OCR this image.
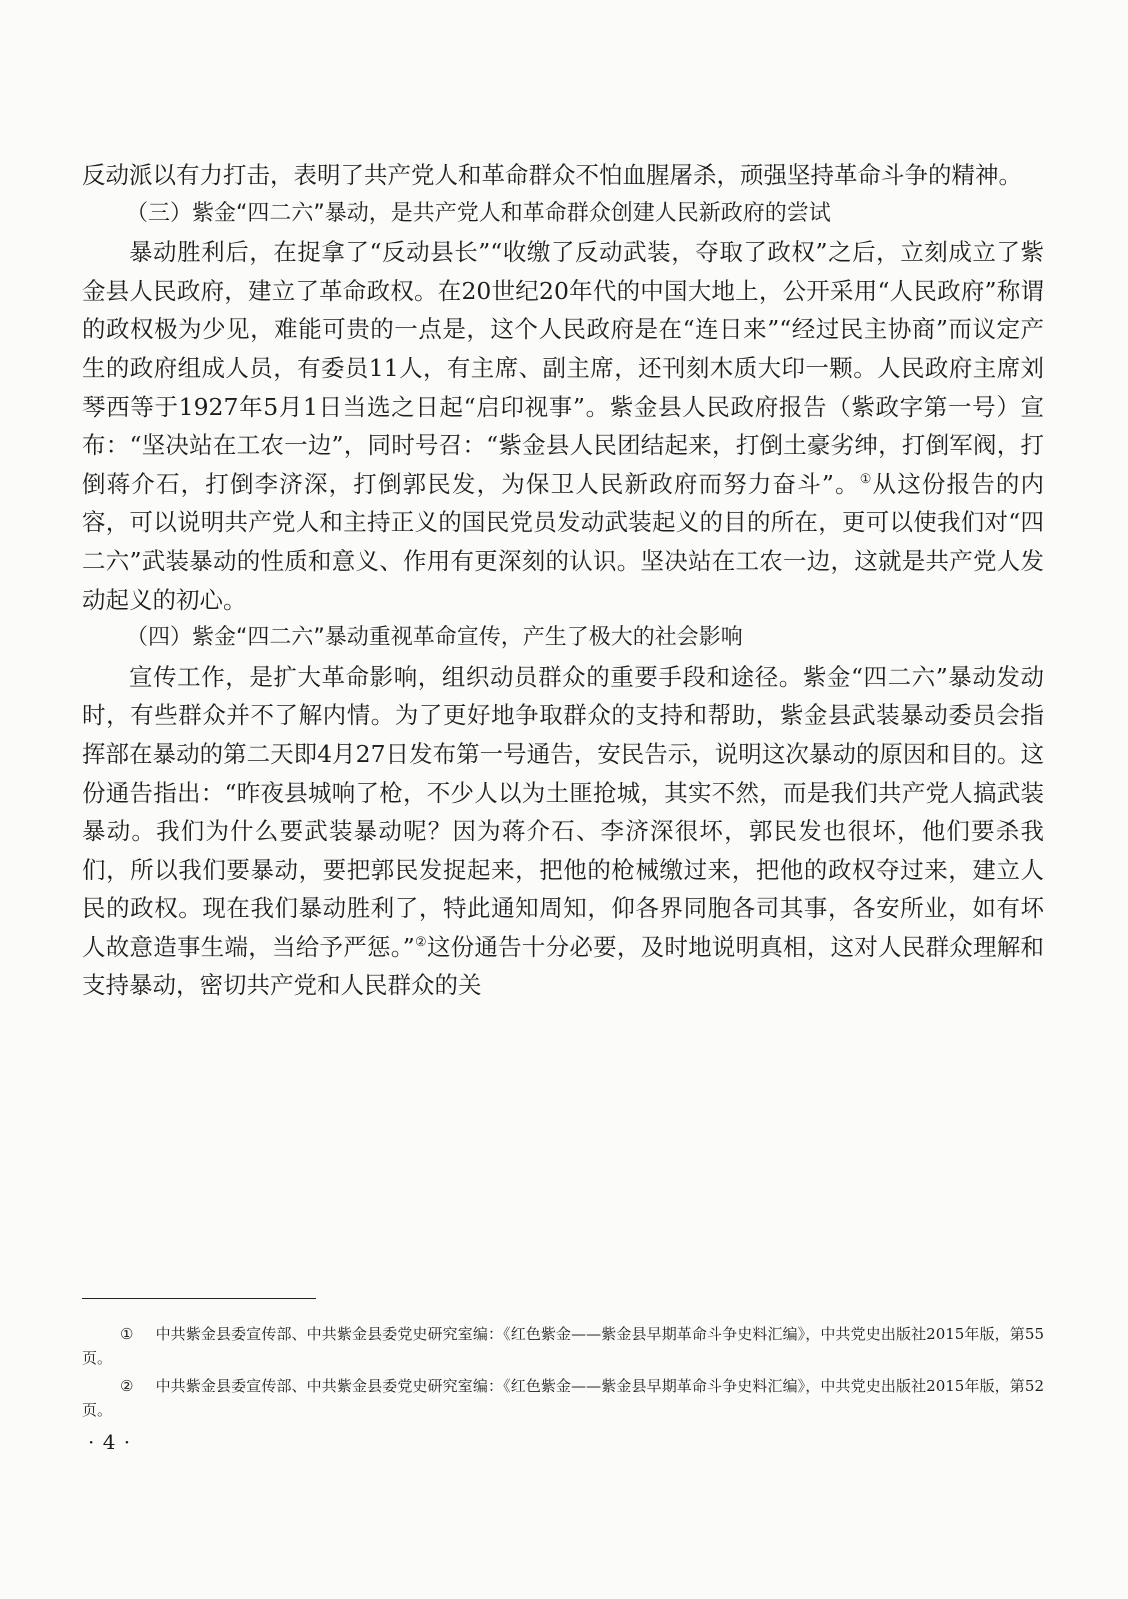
反动派以有力打击，表明了共产党人和革命群众不怕血腥屠杀，顽强坚持革命斗争的精神。

（三）紫金“四二六”暴动，是共产党人和革命群众创建人民新政府的尝试

暴动胜利后，在捉拿了“反动县长”“收缴了反动武装，夺取了政权”之后，立刻成立了紫金县人民政府，建立了革命政权。在20世纪20年代的中国大地上，公开采用“人民政府”称谓的政权极为少见，难能可贵的一点是，这个人民政府是在“连日来”“经过民主协商”而议定产生的政府组成人员，有委员11人，有主席、副主席，还刊刻木质大印一颗。人民政府主席刘琴西等于1927年5月1日当选之日起“启印视事”。紫金县人民政府报告（紫政字第一号）宣布：“坚决站在工农一边”，同时号召：“紫金县人民团结起来，打倒土豪劣绅，打倒军阀，打倒蒋介石，打倒李济深，打倒郭民发，为保卫人民新政府而努力奋斗”。①从这份报告的内容，可以说明共产党人和主持正义的国民党员发动武装起义的目的所在，更可以使我们对“四二六”武装暴动的性质和意义、作用有更深刻的认识。坚决站在工农一边，这就是共产党人发动起义的初心。

（四）紫金“四二六”暴动重视革命宣传，产生了极大的社会影响

宣传工作，是扩大革命影响，组织动员群众的重要手段和途径。紫金“四二六”暴动发动时，有些群众并不了解内情。为了更好地争取群众的支持和帮助，紫金县武装暴动委员会指挥部在暴动的第二天即4月27日发布第一号通告，安民告示，说明这次暴动的原因和目的。这份通告指出：“昨夜县城响了枪，不少人以为土匪抢城，其实不然，而是我们共产党人搞武装暴动。我们为什么要武装暴动呢？因为蒋介石、李济深很坏，郭民发也很坏，他们要杀我们，所以我们要暴动，要把郭民发捉起来，把他的枪械缴过来，把他的政权夺过来，建立人民的政权。现在我们暴动胜利了，特此通知周知，仰各界同胞各司其事，各安所业，如有坏人故意造事生端，当给予严惩。”②这份通告十分必要，及时地说明真相，这对人民群众理解和支持暴动，密切共产党和人民群众的关

① 中共紫金县委宣传部、中共紫金县委党史研究室编：《红色紫金——紫金县早期革命斗争史料汇编》，中共党史出版社2015年版，第55页。

② 中共紫金县委宣传部、中共紫金县委党史研究室编：《红色紫金——紫金县早期革命斗争史料汇编》，中共党史出版社2015年版，第52页。

· 4 ·
